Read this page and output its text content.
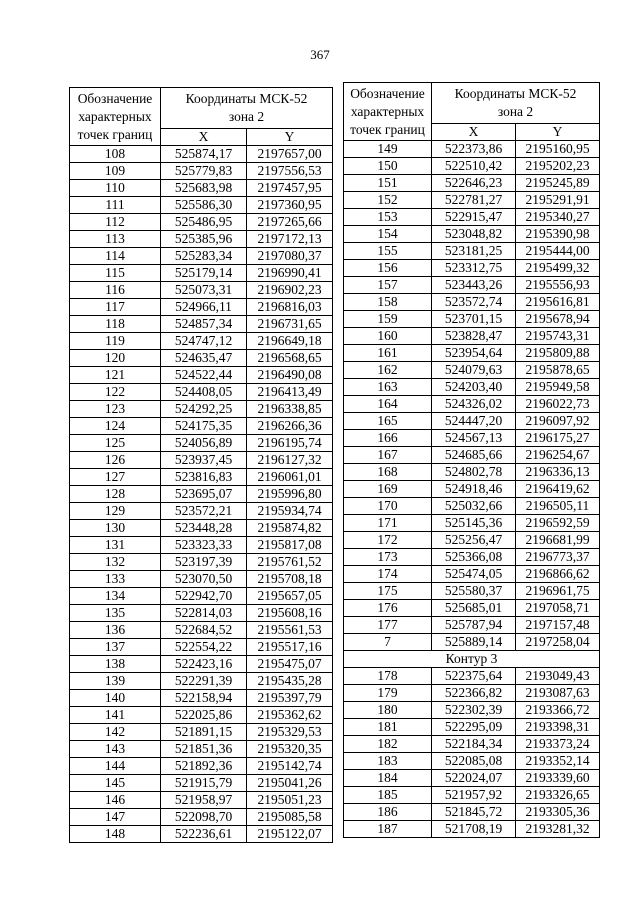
367
Обозначение
характерных
точек границ	Координаты МСК-52
зона 2	
	X	Y
108	525874,17	2197657,00
109	525779,83	2197556,53
110	525683,98	2197457,95
111	525586,30	2197360,95
112	525486,95	2197265,66
113	525385,96	2197172,13
114	525283,34	2197080,37
115	525179,14	2196990,41
116	525073,31	2196902,23
117	524966,11	2196816,03
118	524857,34	2196731,65
119	524747,12	2196649,18
120	524635,47	2196568,65
121	524522,44	2196490,08
122	524408,05	2196413,49
123	524292,25	2196338,85
124	524175,35	2196266,36
125	524056,89	2196195,74
126	523937,45	2196127,32
127	523816,83	2196061,01
128	523695,07	2195996,80
129	523572,21	2195934,74
130	523448,28	2195874,82
131	523323,33	2195817,08
132	523197,39	2195761,52
133	523070,50	2195708,18
134	522942,70	2195657,05
135	522814,03	2195608,16
136	522684,52	2195561,53
137	522554,22	2195517,16
138	522423,16	2195475,07
139	522291,39	2195435,28
140	522158,94	2195397,79
141	522025,86	2195362,62
142	521891,15	2195329,53
143	521851,36	2195320,35
144	521892,36	2195142,74
145	521915,79	2195041,26
146	521958,97	2195051,23
147	522098,70	2195085,58
148	522236,61	2195122,07
Обозначение
характерных
точек границ	Координаты МСК-52
зона 2	
	X	Y
149	522373,86	2195160,95
150	522510,42	2195202,23
151	522646,23	2195245,89
152	522781,27	2195291,91
153	522915,47	2195340,27
154	523048,82	2195390,98
155	523181,25	2195444,00
156	523312,75	2195499,32
157	523443,26	2195556,93
158	523572,74	2195616,81
159	523701,15	2195678,94
160	523828,47	2195743,31
161	523954,64	2195809,88
162	524079,63	2195878,65
163	524203,40	2195949,58
164	524326,02	2196022,73
165	524447,20	2196097,92
166	524567,13	2196175,27
167	524685,66	2196254,67
168	524802,78	2196336,13
169	524918,46	2196419,62
170	525032,66	2196505,11
171	525145,36	2196592,59
172	525256,47	2196681,99
173	525366,08	2196773,37
174	525474,05	2196866,62
175	525580,37	2196961,75
176	525685,01	2197058,71
177	525787,94	2197157,48
7	525889,14	2197258,04
Контур 3		
178	522375,64	2193049,43
179	522366,82	2193087,63
180	522302,39	2193366,72
181	522295,09	2193398,31
182	522184,34	2193373,24
183	522085,08	2193352,14
184	522024,07	2193339,60
185	521957,92	2193326,65
186	521845,72	2193305,36
187	521708,19	2193281,32
